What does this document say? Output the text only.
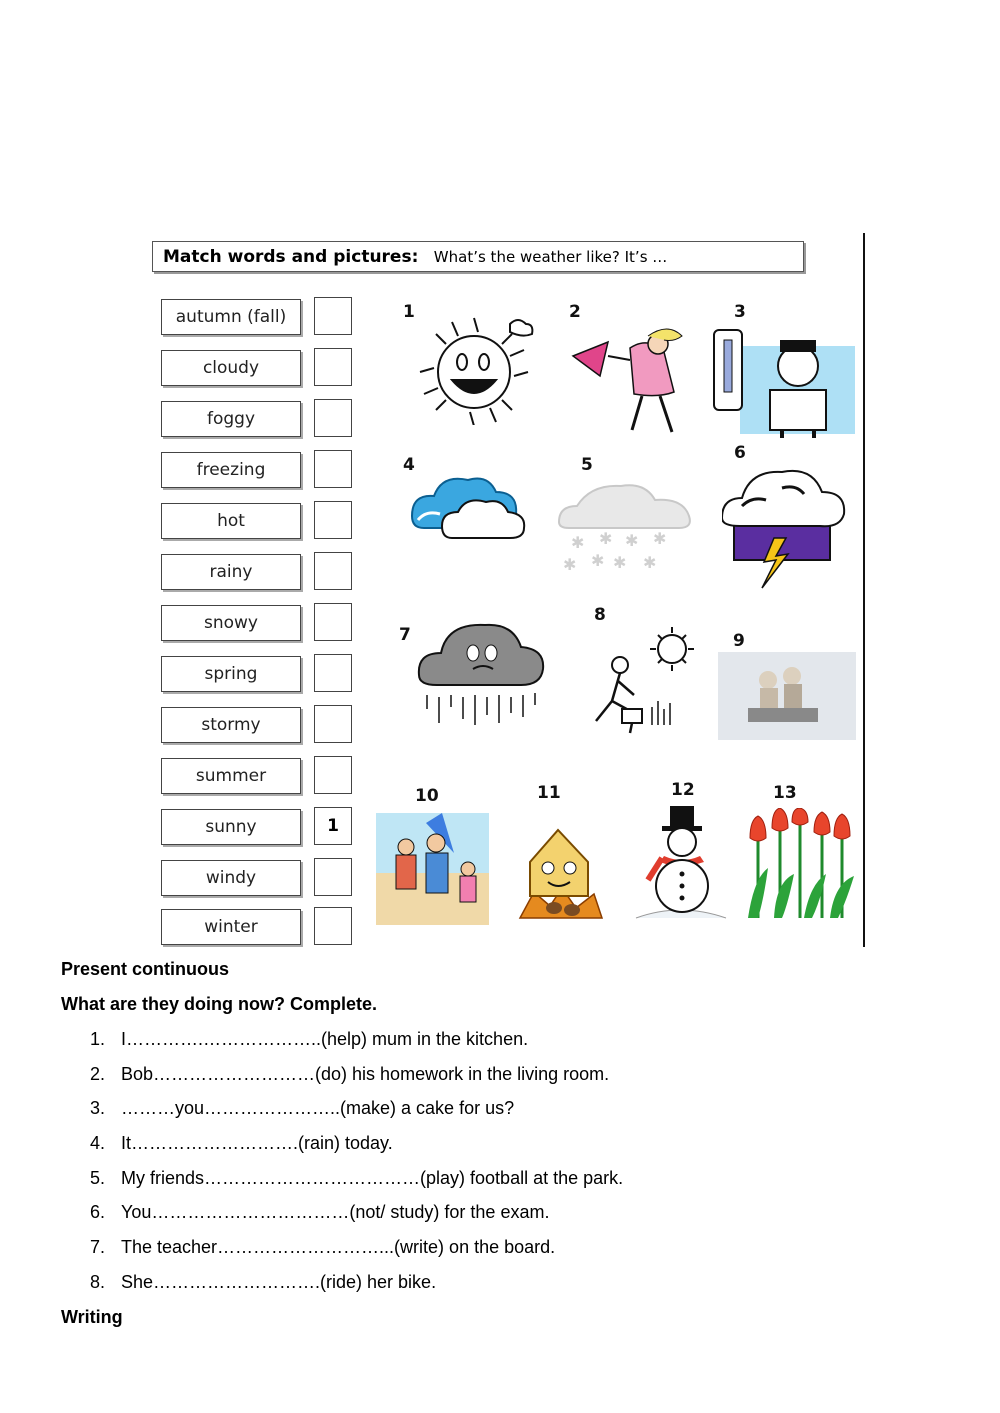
Match words and pictures: What’s the weather like? It’s …
autumn (fall)
cloudy
foggy
freezing
hot
rainy
snowy
spring
stormy
summer
sunny	1
windy
winter
1	2	3
4	5
6
7
8
9
10	11	12	13
✱ ✱ ✱ ✱
✱ ✱ ✱ ✱
Present continuous
What are they doing now? Complete.
1. I………….………………..(help) mum in the kitchen.
2. Bob………………………(do) his homework in the living room.
3. ………you…………………..(make) a cake for us?
4. It……………………….(rain) today.
5. My friends………………………………(play) football at the park.
6. You……………………………(not/ study) for the exam.
7. The teacher………………………...(write) on the board.
8. She……………………….(ride) her bike.
Writing
